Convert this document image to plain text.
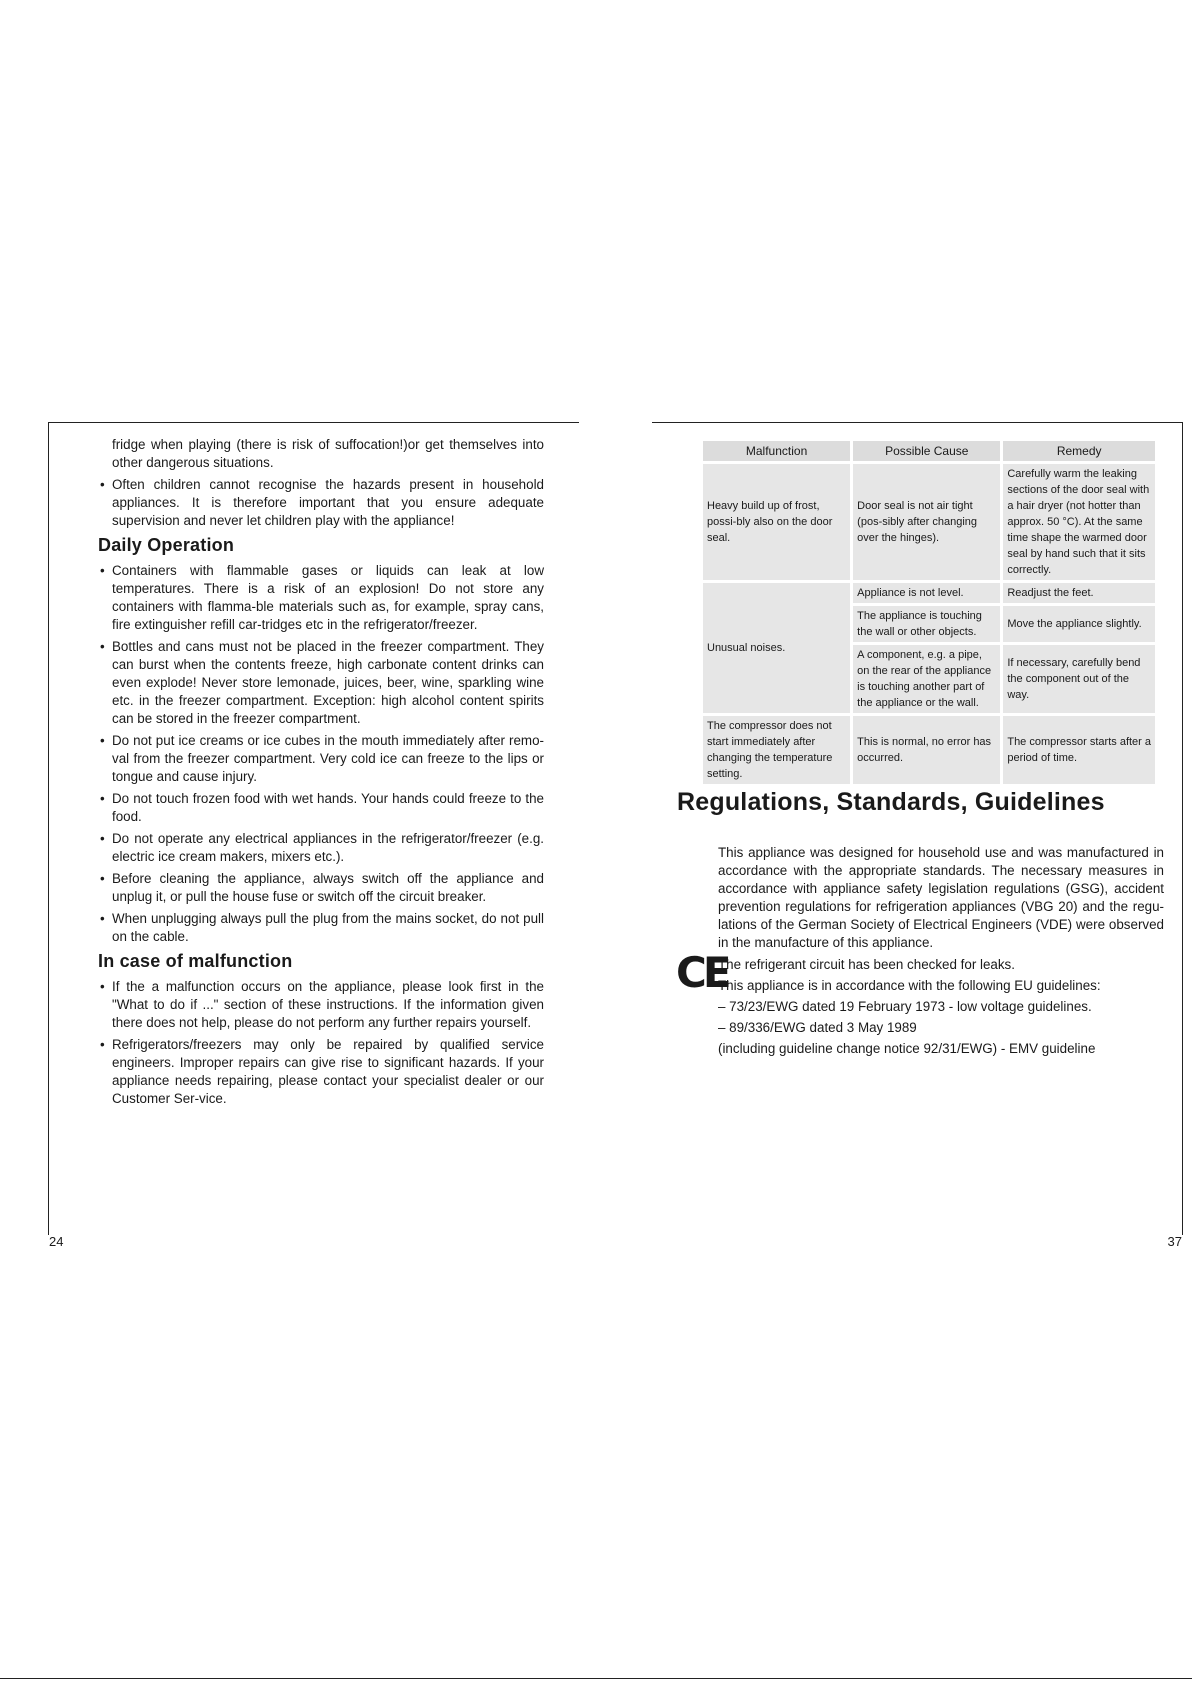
fridge when playing (there is risk of suffocation!)or get themselves into other dangerous situations.

• Often children cannot recognise the hazards present in household appliances. It is therefore important that you ensure adequate supervision and never let children play with the appliance!
Daily Operation
• Containers with flammable gases or liquids can leak at low temperatures. There is a risk of an explosion! Do not store any containers with flamma-ble materials such as, for example, spray cans, fire extinguisher refill car-tridges etc in the refrigerator/freezer.
• Bottles and cans must not be placed in the freezer compartment. They can burst when the contents freeze, high carbonate content drinks can even explode! Never store lemonade, juices, beer, wine, sparkling wine etc. in the freezer compartment. Exception: high alcohol content spirits can be stored in the freezer compartment.
• Do not put ice creams or ice cubes in the mouth immediately after remo-val from the freezer compartment. Very cold ice can freeze to the lips or tongue and cause injury.
• Do not touch frozen food with wet hands. Your hands could freeze to the food.
• Do not operate any electrical appliances in the refrigerator/freezer (e.g. electric ice cream makers, mixers etc.).
• Before cleaning the appliance, always switch off the appliance and unplug it, or pull the house fuse or switch off the circuit breaker.
• When unplugging always pull the plug from the mains socket, do not pull on the cable.
In case of malfunction
• If the a malfunction occurs on the appliance, please look first in the "What to do if ..." section of these instructions. If the information given there does not help, please do not perform any further repairs yourself.
• Refrigerators/freezers may only be repaired by qualified service engineers. Improper repairs can give rise to significant hazards. If your appliance needs repairing, please contact your specialist dealer or our Customer Ser-vice.
Malfunction	Possible Cause	Remedy
Heavy build up of frost, possi-bly also on the door seal.	Door seal is not air tight (pos-sibly after changing over the hinges).	Carefully warm the leaking sections of the door seal with a hair dryer (not hotter than approx. 50 °C). At the same time shape the warmed door seal by hand such that it sits correctly.
Unusual noises.	Appliance is not level.	Readjust the feet.
	The appliance is touching the wall or other objects.	Move the appliance slightly.
	A component, e.g. a pipe, on the rear of the appliance is touching another part of the appliance or the wall.	If necessary, carefully bend the component out of the way.
The compressor does not start immediately after changing the temperature setting.	This is normal, no error has occurred.	The compressor starts after a period of time.
Regulations, Standards, Guidelines
CE

This appliance was designed for household use and was manufactured in accordance with the appropriate standards. The necessary measures in accordance with appliance safety legislation regulations (GSG), accident prevention regulations for refrigeration appliances (VBG 20) and the regu-lations of the German Society of Electrical Engineers (VDE) were observed in the manufacture of this appliance.

The refrigerant circuit has been checked for leaks.
This appliance is in accordance with the following EU guidelines:
– 73/23/EWG dated 19 February 1973 - low voltage guidelines.
– 89/336/EWG dated 3 May 1989
(including guideline change notice 92/31/EWG) - EMV guideline
24	37
